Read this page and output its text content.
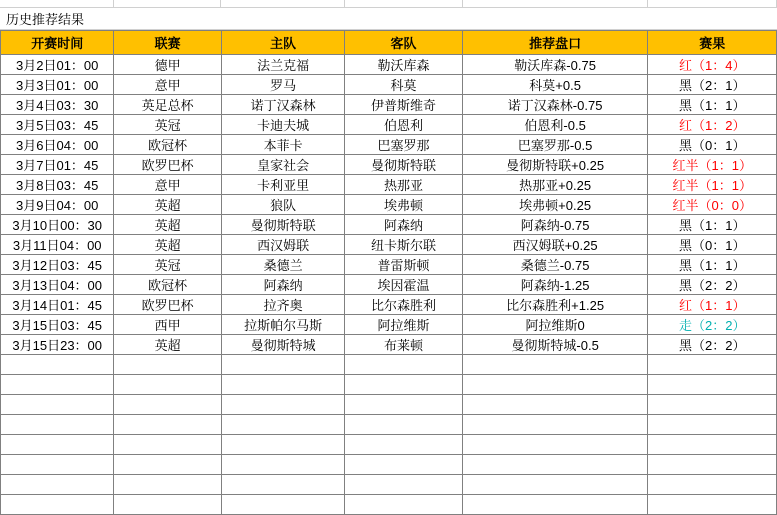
历史推荐结果
开赛时间	联赛	主队	客队	推荐盘口	赛果
3月2日01：00	德甲	法兰克福	勒沃库森	勒沃库森-0.75	红（1：4）
3月3日01：00	意甲	罗马	科莫	科莫+0.5	黑（2：1）
3月4日03：30	英足总杯	诺丁汉森林	伊普斯维奇	诺丁汉森林-0.75	黑（1：1）
3月5日03：45	英冠	卡迪夫城	伯恩利	伯恩利-0.5	红（1：2）
3月6日04：00	欧冠杯	本菲卡	巴塞罗那	巴塞罗那-0.5	黑（0：1）
3月7日01：45	欧罗巴杯	皇家社会	曼彻斯特联	曼彻斯特联+0.25	红半（1：1）
3月8日03：45	意甲	卡利亚里	热那亚	热那亚+0.25	红半（1：1）
3月9日04：00	英超	狼队	埃弗顿	埃弗顿+0.25	红半（0：0）
3月10日00：30	英超	曼彻斯特联	阿森纳	阿森纳-0.75	黑（1：1）
3月11日04：00	英超	西汉姆联	纽卡斯尔联	西汉姆联+0.25	黑（0：1）
3月12日03：45	英冠	桑德兰	普雷斯顿	桑德兰-0.75	黑（1：1）
3月13日04：00	欧冠杯	阿森纳	埃因霍温	阿森纳-1.25	黑（2：2）
3月14日01：45	欧罗巴杯	拉齐奥	比尔森胜利	比尔森胜利+1.25	红（1：1）
3月15日03：45	西甲	拉斯帕尔马斯	阿拉维斯	阿拉维斯0	走（2：2）
3月15日23：00	英超	曼彻斯特城	布莱顿	曼彻斯特城-0.5	黑（2：2）
